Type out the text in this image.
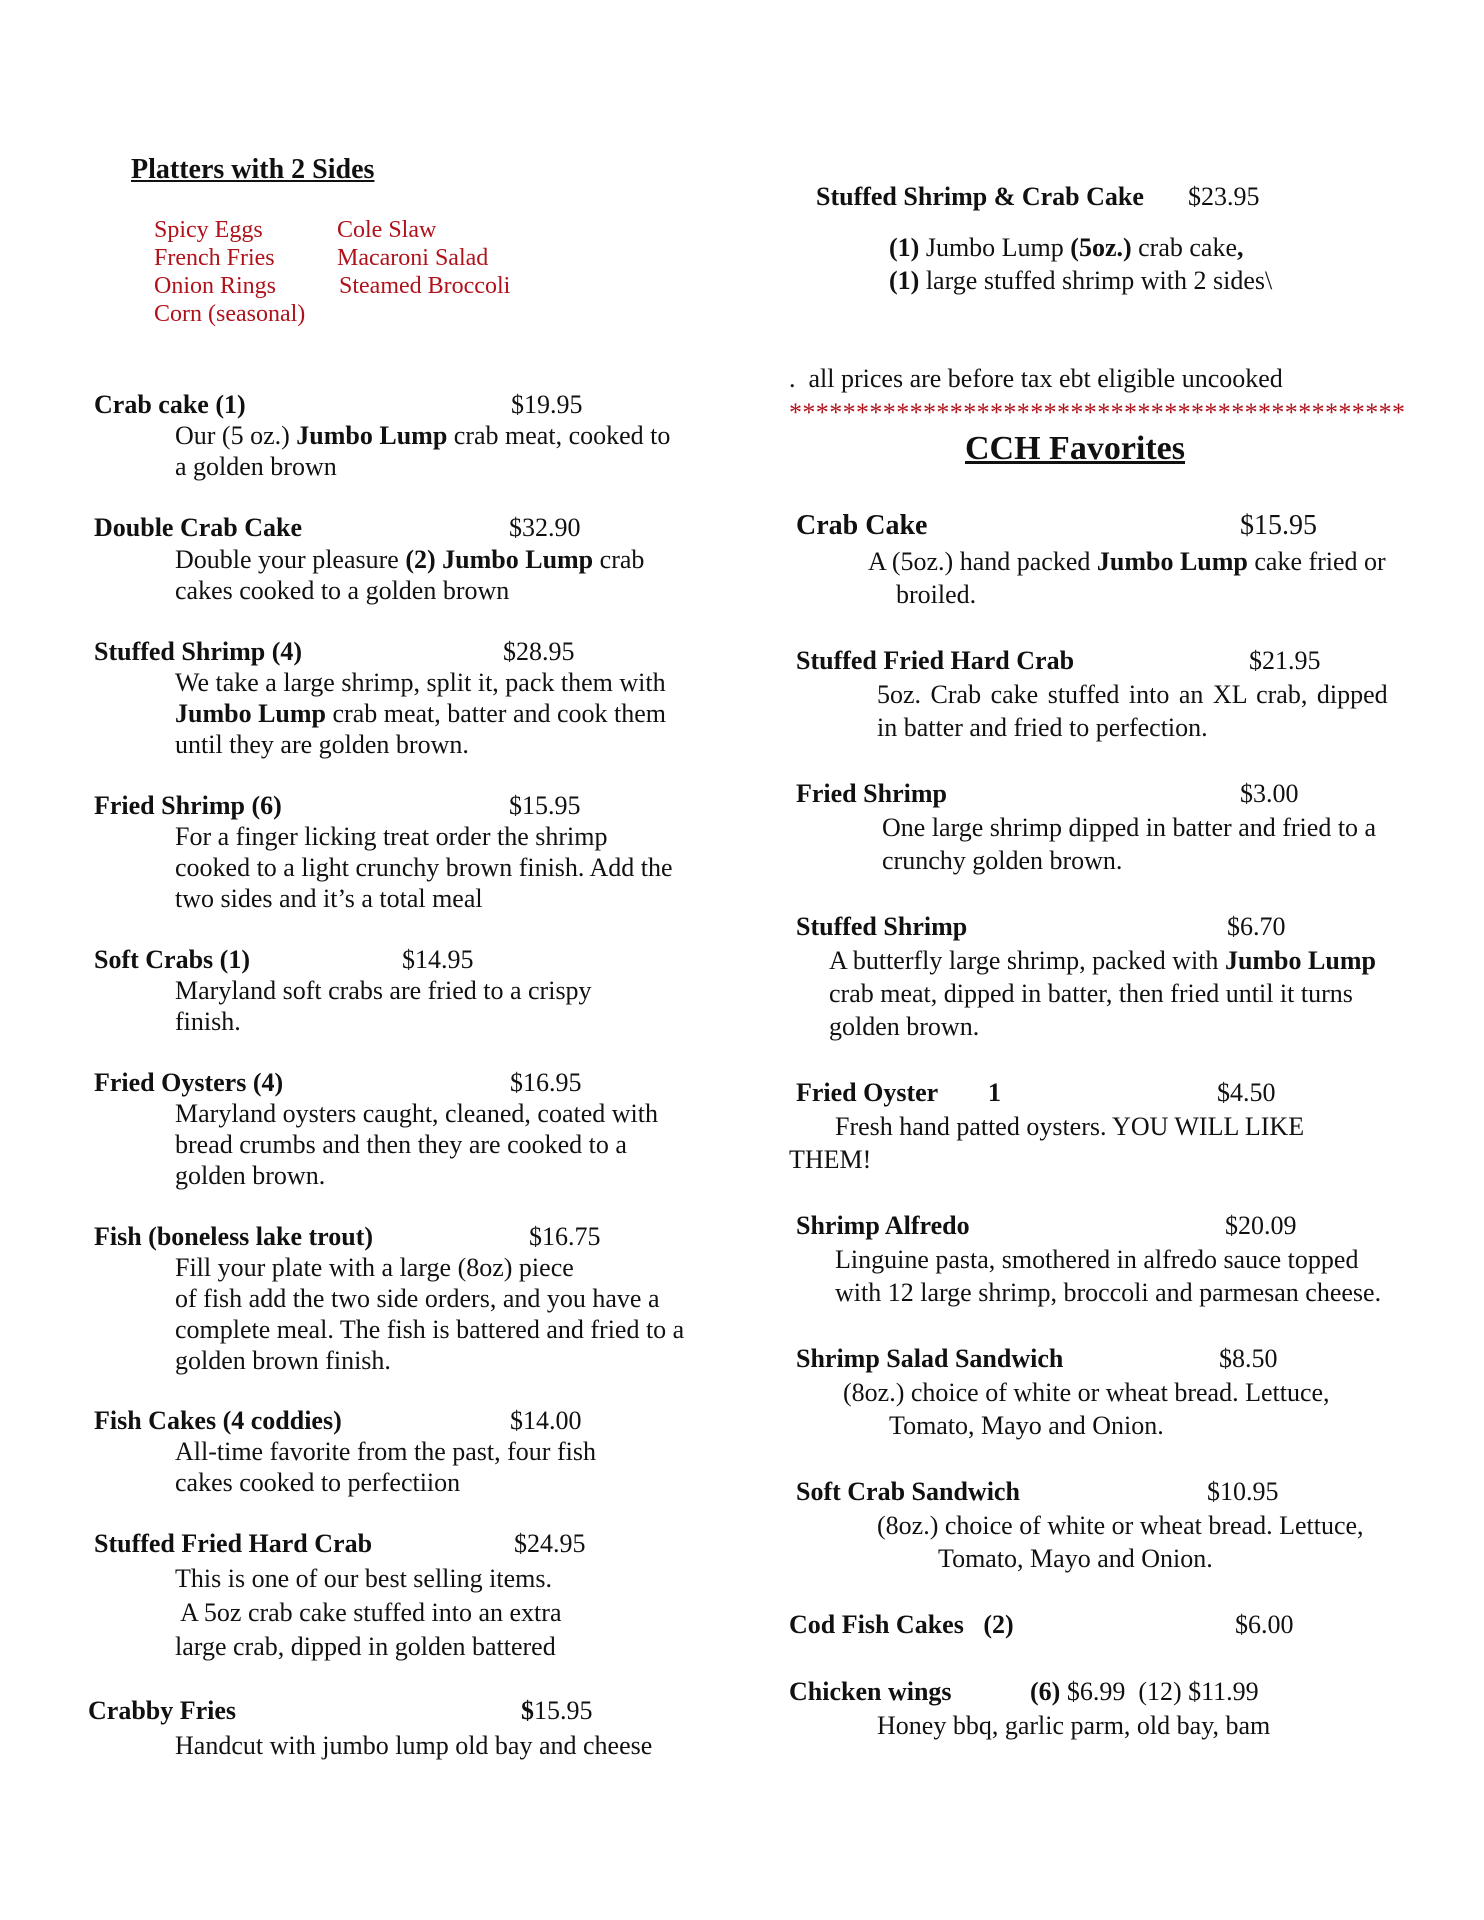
Platters with 2 Sides
Spicy Eggs
French Fries
Onion Rings
Corn (seasonal)
Cole Slaw
Macaroni Salad
Steamed Broccoli
Crab cake (1)	$19.95
Our (5 oz.) Jumbo Lump crab meat, cooked to
a golden brown
Double Crab Cake	$32.90
Double your pleasure (2) Jumbo Lump crab
cakes cooked to a golden brown
Stuffed Shrimp (4)	$28.95
We take a large shrimp, split it, pack them with
Jumbo Lump crab meat, batter and cook them
until they are golden brown.
Fried Shrimp (6)	$15.95
For a finger licking treat order the shrimp
cooked to a light crunchy brown finish. Add the
two sides and it’s a total meal
Soft Crabs (1)	$14.95
Maryland soft crabs are fried to a crispy
finish.
Fried Oysters (4)	$16.95
Maryland oysters caught, cleaned, coated with
bread crumbs and then they are cooked to a
golden brown.
Fish (boneless lake trout)	$16.75
Fill your plate with a large (8oz) piece
of fish add the two side orders, and you have a
complete meal. The fish is battered and fried to a
golden brown finish.
Fish Cakes (4 coddies)	$14.00
All-time favorite from the past, four fish
cakes cooked to perfectiion
Stuffed Fried Hard Crab	$24.95
This is one of our best selling items.
A 5oz crab cake stuffed into an extra
large crab, dipped in golden battered
Crabby Fries	$15.95
Handcut with jumbo lump old bay and cheese
Stuffed Shrimp & Crab Cake $23.95
(1) Jumbo Lump (5oz.) crab cake,
(1) large stuffed shrimp with 2 sides\
.  all prices are before tax ebt eligible uncooked
**********************************************
CCH Favorites
Crab Cake	$15.95
A (5oz.) hand packed Jumbo Lump cake fried or
broiled.
Stuffed Fried Hard Crab	$21.95
5oz. Crab cake stuffed into an XL crab, dipped
in batter and fried to perfection.
Fried Shrimp	$3.00
One large shrimp dipped in batter and fried to a
crunchy golden brown.
Stuffed Shrimp	$6.70
A butterfly large shrimp, packed with Jumbo Lump
crab meat, dipped in batter, then fried until it turns
golden brown.
Fried Oyster 1	$4.50
Fresh hand patted oysters. YOU WILL LIKE
THEM!
Shrimp Alfredo	$20.09
Linguine pasta, smothered in alfredo sauce topped
with 12 large shrimp, broccoli and parmesan cheese.
Shrimp Salad Sandwich	$8.50
(8oz.) choice of white or wheat bread. Lettuce,
Tomato, Mayo and Onion.
Soft Crab Sandwich	$10.95
(8oz.) choice of white or wheat bread. Lettuce,
Tomato, Mayo and Onion.
Cod Fish Cakes   (2)	$6.00
Chicken wings	(6) $6.99  (12) $11.99
Honey bbq, garlic parm, old bay, bam
